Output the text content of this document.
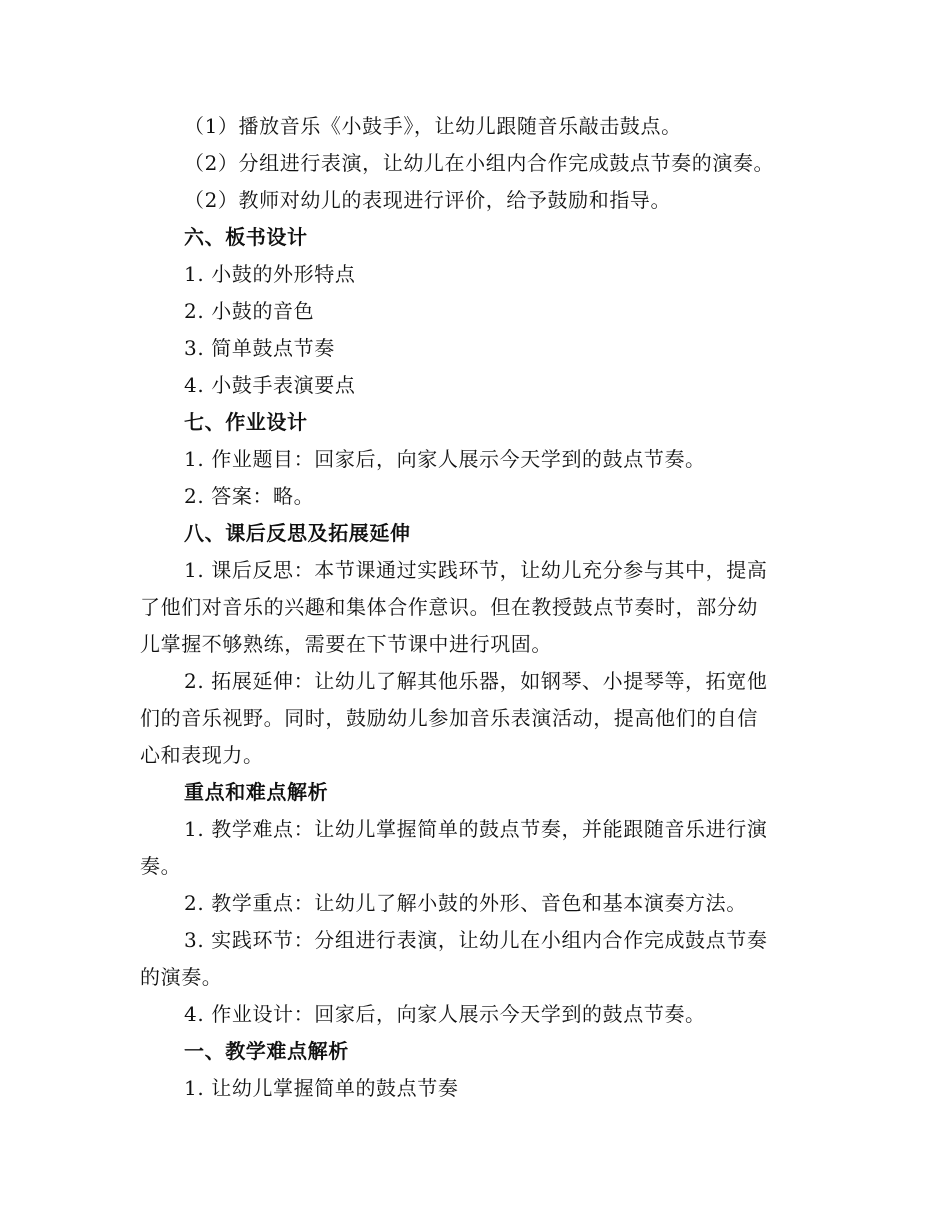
（1）播放音乐《小鼓手》，让幼儿跟随音乐敲击鼓点。
（2）分组进行表演，让幼儿在小组内合作完成鼓点节奏的演奏。
（2）教师对幼儿的表现进行评价，给予鼓励和指导。
六、板书设计
1. 小鼓的外形特点
2. 小鼓的音色
3. 简单鼓点节奏
4. 小鼓手表演要点
七、作业设计
1. 作业题目：回家后，向家人展示今天学到的鼓点节奏。
2. 答案：略。
八、课后反思及拓展延伸
1. 课后反思：本节课通过实践环节，让幼儿充分参与其中，提高
了他们对音乐的兴趣和集体合作意识。但在教授鼓点节奏时，部分幼
儿掌握不够熟练，需要在下节课中进行巩固。
2. 拓展延伸：让幼儿了解其他乐器，如钢琴、小提琴等，拓宽他
们的音乐视野。同时，鼓励幼儿参加音乐表演活动，提高他们的自信
心和表现力。
重点和难点解析
1. 教学难点：让幼儿掌握简单的鼓点节奏，并能跟随音乐进行演
奏。
2. 教学重点：让幼儿了解小鼓的外形、音色和基本演奏方法。
3. 实践环节：分组进行表演，让幼儿在小组内合作完成鼓点节奏
的演奏。
4. 作业设计：回家后，向家人展示今天学到的鼓点节奏。
一、教学难点解析
1. 让幼儿掌握简单的鼓点节奏
